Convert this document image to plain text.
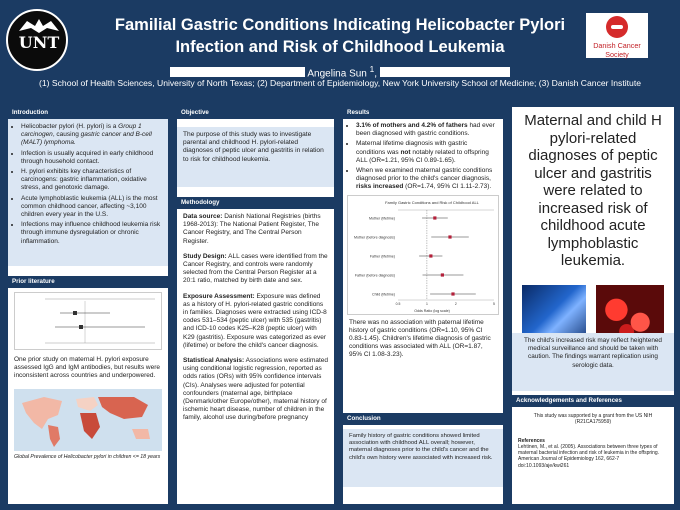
UNT
Familial Gastric Conditions Indicating Helicobacter Pylori
Infection and Risk of Childhood Leukemia
Angelina Sun $^1$,
(1) School of Health Sciences, University of North Texas; (2) Department of Epidemiology, New York University School of Medicine; (3) Danish Cancer Institute
Danish Cancer Society
Introduction
• Helicobacter pylori (H. pylori) is a Group 1 carcinogen, causing gastric cancer and B-cell (MALT) lymphoma.
• Infection is usually acquired in early childhood through household contact.
• H. pylori exhibits key characteristics of carcinogens: gastric inflammation, oxidative stress, and genotoxic damage.
• Acute lymphoblastic leukemia (ALL) is the most common childhood cancer, affecting ~3,100 children every year in the U.S.
• Infections may influence childhood leukemia risk through immune dysregulation or chronic inflammation.
Prior literature
One prior study on maternal H. pylori exposure assessed IgG and IgM antibodies, but results were inconsistent across countries and underpowered.
Global Prevalence of Helicobacter pylori in children <= 18 years
Objective
The purpose of this study was to investigate parental and childhood H. pylori-related diagnoses of peptic ulcer and gastritis in relation to risk for childhood leukemia.
Methodology

Data source: Danish National Registries (births 1968-2013): The National Patient Register, The Cancer Registry, and The Central Person Register.

Study Design: ALL cases were identified from the Cancer Registry, and controls were randomly selected from the Central Person Register at a 20:1 ratio, matched by birth date and sex.

Exposure Assessment: Exposure was defined as a history of H. pylori-related gastric conditions in families. Diagnoses were extracted using ICD-8 codes 531–534 (peptic ulcer) with 535 (gastritis) and ICD-10 codes K25–K28 (peptic ulcer) with K29 (gastritis). Exposure was categorized as ever (lifetime) or before the child's cancer diagnosis.

Statistical Analysis: Associations were estimated using conditional logistic regression, reported as odds ratios (ORs) with 95% confidence intervals (CIs). Analyses were adjusted for potential confounders (maternal age, birthplace (Denmark/other Europe/other), maternal history of ischemic heart disease, number of children in the family, alcohol use during/before pregnancy

Results
• 3.1% of mothers and 4.2% of fathers had ever been diagnosed with gastric conditions.
• Maternal lifetime diagnosis with gastric conditions was not notably related to offspring ALL (OR=1.21, 95% CI 0.89-1.65).
• When we examined maternal gastric conditions diagnosed prior to the child's cancer diagnosis, risks increased (OR=1.74, 95% CI 1.11-2.73).
Family Gastric Conditions and Risk of Childhood ALL
Odds Ratio (log scale)
Mother (lifetime)
Mother (before diagnosis)
Father (lifetime)
Father (before diagnosis)
Child (lifetime)
0.5	1	2	5
There was no association with paternal lifetime history of gastric conditions (OR=1.10, 95% CI 0.83-1.45). Children's lifetime diagnosis of gastric conditions was associated with ALL (OR=1.87, 95% CI 1.08-3.23).
Conclusion
Family history of gastric conditions showed limited association with childhood ALL overall; however, maternal diagnoses prior to the child's cancer and the child's own history were associated with increased risk.
Maternal and child H pylori-related diagnoses of peptic ulcer and gastritis were related to increased risk of childhood acute lymphoblastic leukemia.
The child's increased risk may reflect heightened medical surveillance and should be taken with caution. The findings warrant replication using serologic data.
Acknowledgements and References
This study was supported by a grant from the US NIH (R21CA175959)
References
Lehtinen, M., et al. (2005). Associations between three types of maternal bacterial infection and risk of leukemia in the offspring. American Journal of Epidemiology 162, 662-7 doi:10.1093/aje/kwi261
